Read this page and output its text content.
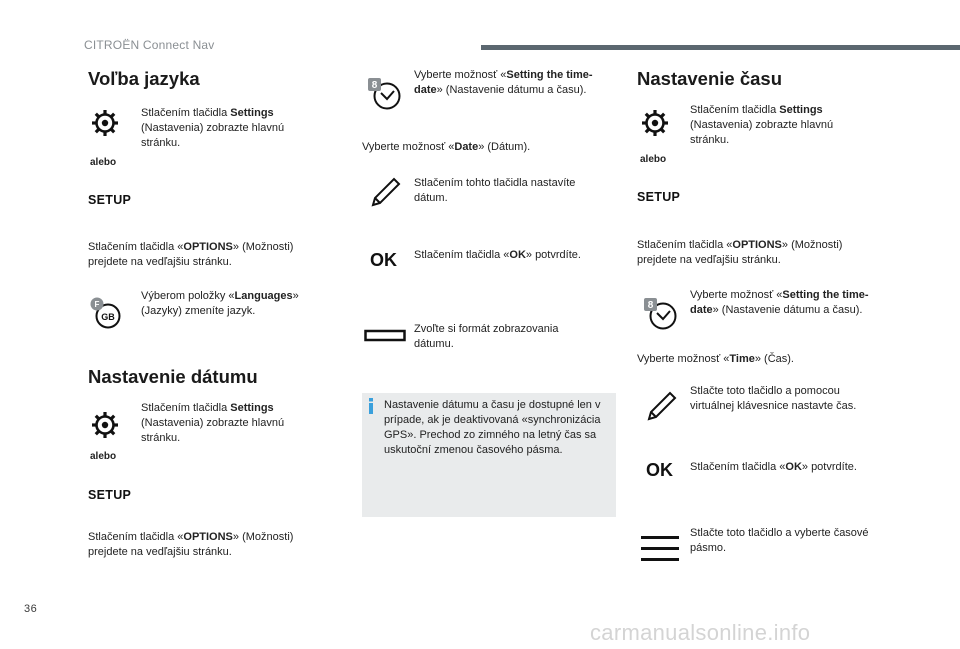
CITROËN Connect Nav
Voľba jazyka
Stlačením tlačidla Settings (Nastavenia) zobrazte hlavnú stránku.
alebo
SETUP
Stlačením tlačidla «OPTIONS» (Možnosti) prejdete na vedľajšiu stránku.
GB
F
Výberom položky «Languages» (Jazyky) zmeníte jazyk.
Nastavenie dátumu
Stlačením tlačidla Settings (Nastavenia) zobrazte hlavnú stránku.
alebo
SETUP
Stlačením tlačidla «OPTIONS» (Možnosti) prejdete na vedľajšiu stránku.
8
Vyberte možnosť «Setting the time-date» (Nastavenie dátumu a času).
Vyberte možnosť «Date» (Dátum).
Stlačením tohto tlačidla nastavíte dátum.
OK Stlačením tlačidla «OK» potvrdíte.
Zvoľte si formát zobrazovania dátumu.
Nastavenie dátumu a času je dostupné len v prípade, ak je deaktivovaná «synchronizácia GPS». Prechod zo zimného na letný čas sa uskutoční zmenou časového pásma.
Nastavenie času
Stlačením tlačidla Settings (Nastavenia) zobrazte hlavnú stránku.
alebo
SETUP
Stlačením tlačidla «OPTIONS» (Možnosti) prejdete na vedľajšiu stránku.
8
Vyberte možnosť «Setting the time-date» (Nastavenie dátumu a času).
Vyberte možnosť «Time» (Čas).
Stlačte toto tlačidlo a pomocou virtuálnej klávesnice nastavte čas.
OK Stlačením tlačidla «OK» potvrdíte.
Stlačte toto tlačidlo a vyberte časové pásmo.
36
carmanualsonline.info
